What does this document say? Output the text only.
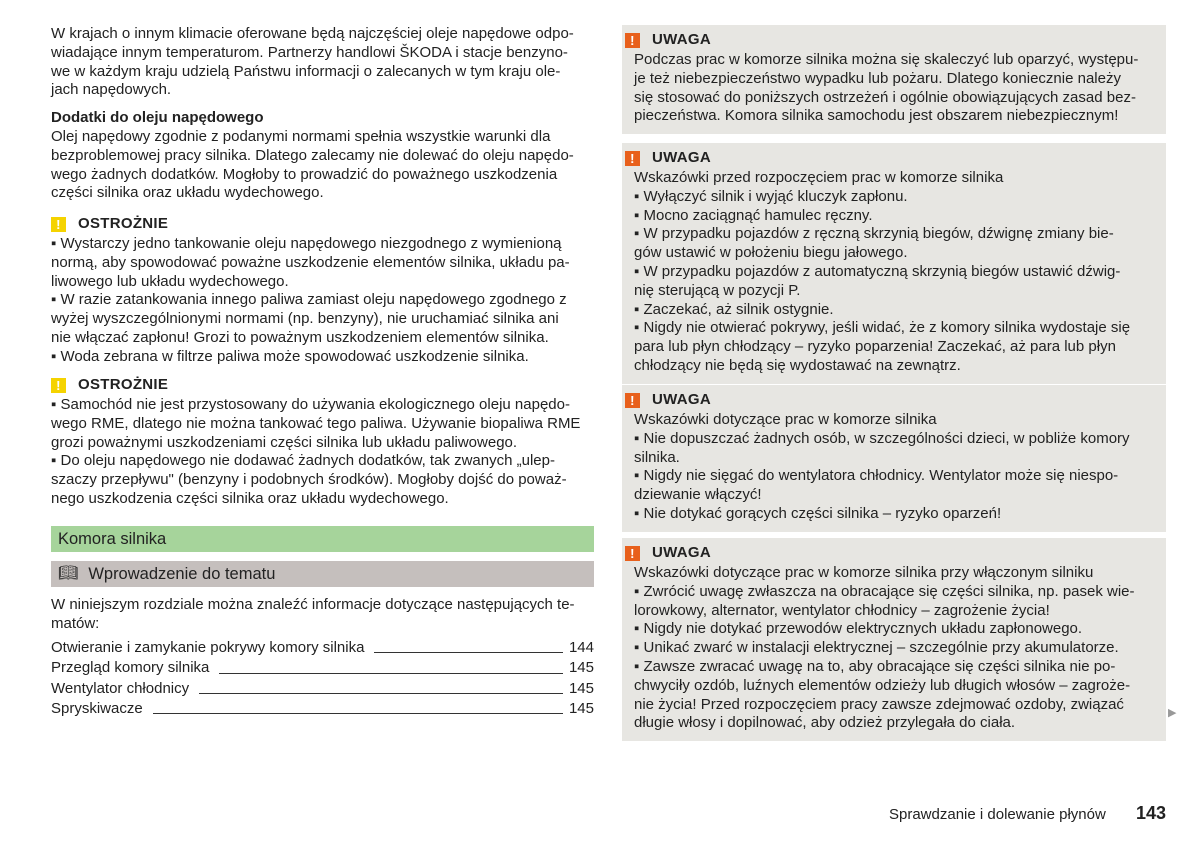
W krajach o innym klimacie oferowane będą najczęściej oleje napędowe odpo-
wiadające innym temperaturom. Partnerzy handlowi ŠKODA i stacje benzyno-
we w każdym kraju udzielą Państwu informacji o zalecanych w tym kraju ole-
jach napędowych.
Dodatki do oleju napędowego
Olej napędowy zgodnie z podanymi normami spełnia wszystkie warunki dla
bezproblemowej pracy silnika. Dlatego zalecamy nie dolewać do oleju napędo-
wego żadnych dodatków. Mogłoby to prowadzić do poważnego uszkodzenia
części silnika oraz układu wydechowego.
!	OSTROŻNIE
▪ Wystarczy jedno tankowanie oleju napędowego niezgodnego z wymienioną
normą, aby spowodować poważne uszkodzenie elementów silnika, układu pa-
liwowego lub układu wydechowego.
▪ W razie zatankowania innego paliwa zamiast oleju napędowego zgodnego z
wyżej wyszczególnionymi normami (np. benzyny), nie uruchamiać silnika ani
nie włączać zapłonu! Grozi to poważnym uszkodzeniem elementów silnika.
▪ Woda zebrana w filtrze paliwa może spowodować uszkodzenie silnika.
!	OSTROŻNIE
▪ Samochód nie jest przystosowany do używania ekologicznego oleju napędo-
wego RME, dlatego nie można tankować tego paliwa. Używanie biopaliwa RME
grozi poważnymi uszkodzeniami części silnika lub układu paliwowego.
▪ Do oleju napędowego nie dodawać żadnych dodatków, tak zwanych „ulep-
szaczy przepływu" (benzyny i podobnych środków). Mogłoby dojść do poważ-
nego uszkodzenia części silnika oraz układu wydechowego.
Komora silnika
📖︎ Wprowadzenie do tematu
W niniejszym rozdziale można znaleźć informacje dotyczące następujących te-
matów:
Otwieranie i zamykanie pokrywy komory silnika	144
Przegląd komory silnika	145
Wentylator chłodnicy	145
Spryskiwacze	145
!	UWAGA
Podczas prac w komorze silnika można się skaleczyć lub oparzyć, występu-
je też niebezpieczeństwo wypadku lub pożaru. Dlatego koniecznie należy
się stosować do poniższych ostrzeżeń i ogólnie obowiązujących zasad bez-
pieczeństwa. Komora silnika samochodu jest obszarem niebezpiecznym!
!	UWAGA
Wskazówki przed rozpoczęciem prac w komorze silnika
▪ Wyłączyć silnik i wyjąć kluczyk zapłonu.
▪ Mocno zaciągnąć hamulec ręczny.
▪ W przypadku pojazdów z ręczną skrzynią biegów, dźwignę zmiany bie-
gów ustawić w położeniu biegu jałowego.
▪ W przypadku pojazdów z automatyczną skrzynią biegów ustawić dźwig-
nię sterującą w pozycji P.
▪ Zaczekać, aż silnik ostygnie.
▪ Nigdy nie otwierać pokrywy, jeśli widać, że z komory silnika wydostaje się
para lub płyn chłodzący – ryzyko poparzenia! Zaczekać, aż para lub płyn
chłodzący nie będą się wydostawać na zewnątrz.
!	UWAGA
Wskazówki dotyczące prac w komorze silnika
▪ Nie dopuszczać żadnych osób, w szczególności dzieci, w pobliże komory
silnika.
▪ Nigdy nie sięgać do wentylatora chłodnicy. Wentylator może się niespo-
dziewanie włączyć!
▪ Nie dotykać gorących części silnika – ryzyko oparzeń!
!	UWAGA
Wskazówki dotyczące prac w komorze silnika przy włączonym silniku
▪ Zwrócić uwagę zwłaszcza na obracające się części silnika, np. pasek wie-
lorowkowy, alternator, wentylator chłodnicy – zagrożenie życia!
▪ Nigdy nie dotykać przewodów elektrycznych układu zapłonowego.
▪ Unikać zwarć w instalacji elektrycznej – szczególnie przy akumulatorze.
▪ Zawsze zwracać uwagę na to, aby obracające się części silnika nie po-
chwyciły ozdób, luźnych elementów odzieży lub długich włosów – zagroże-
nie życia! Przed rozpoczęciem pracy zawsze zdejmować ozdoby, związać
długie włosy i dopilnować, aby odzież przylegała do ciała.
▶
Sprawdzanie i dolewanie płynów 143
